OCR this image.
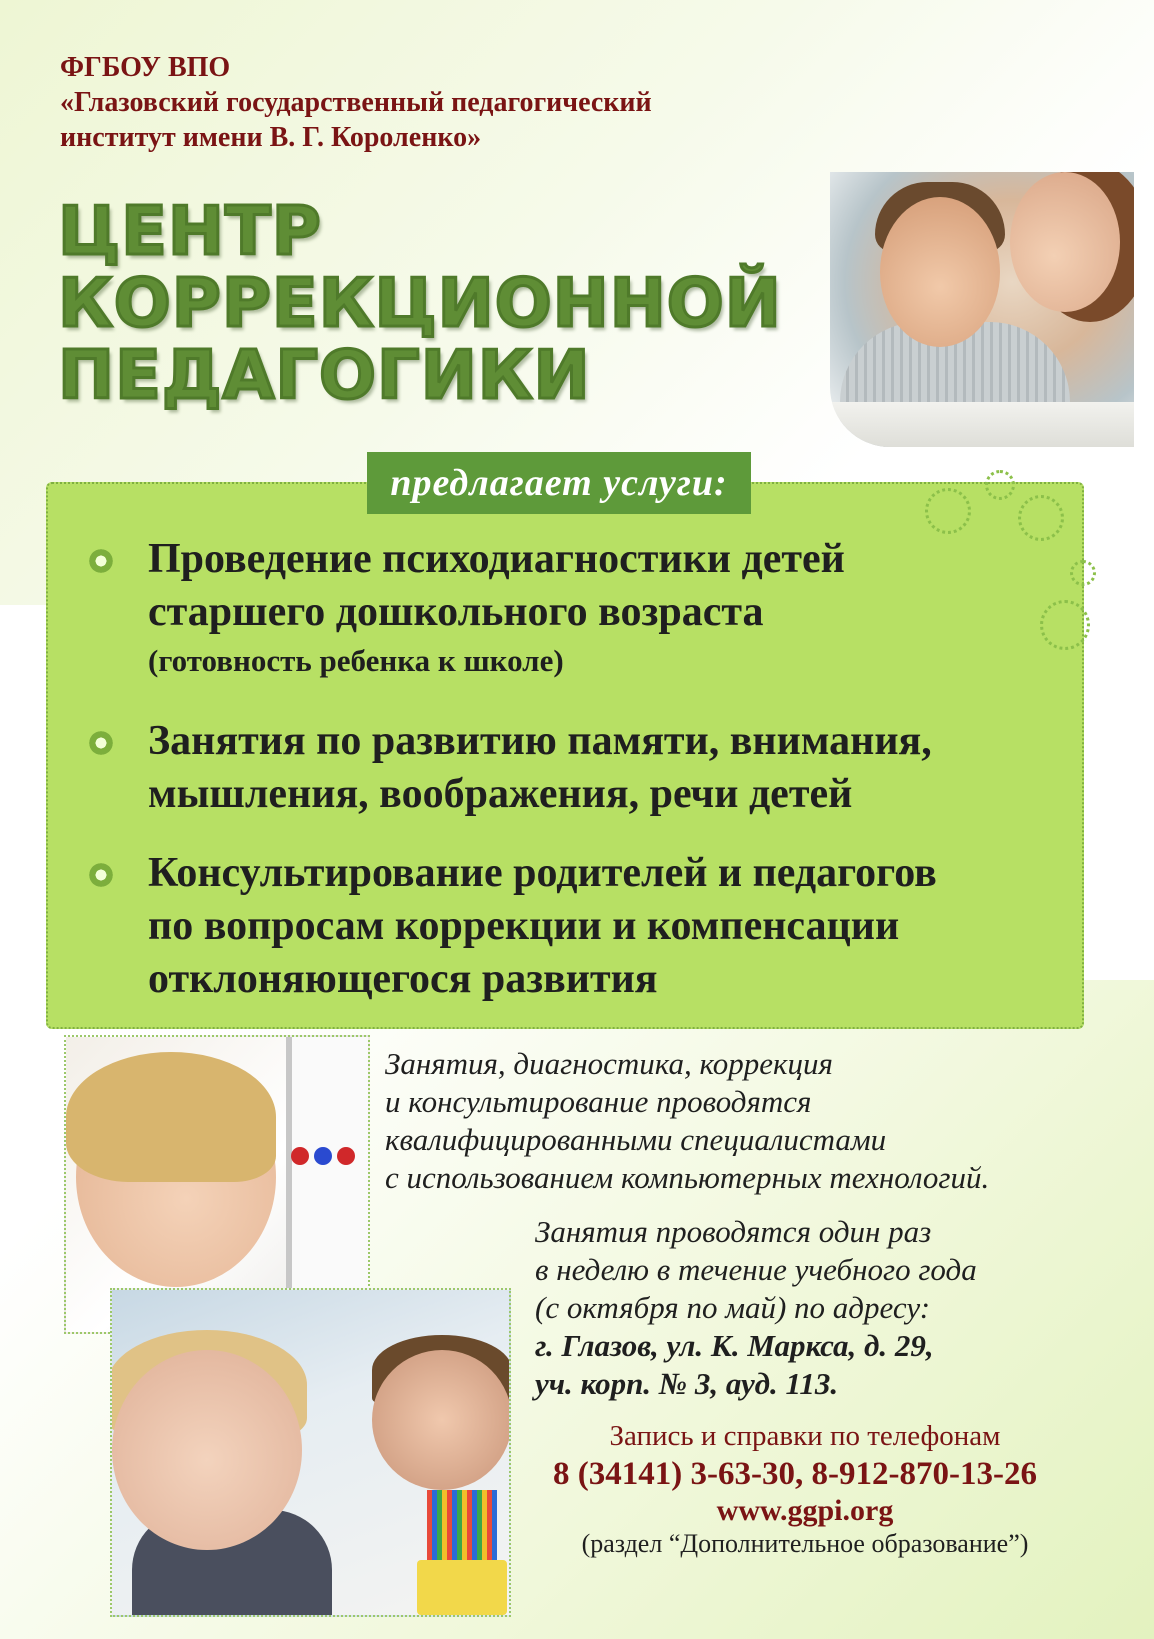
ФГБОУ ВПО
«Глазовский государственный педагогический
институт имени В. Г. Короленко»
ЦЕНТР
КОРРЕКЦИОННОЙ
ПЕДАГОГИКИ
предлагает услуги:
Проведение психодиагностики детей
старшего дошкольного возраста
(готовность ребенка к школе)
Занятия по развитию памяти, внимания,
мышления, воображения, речи детей
Консультирование родителей и педагогов
по вопросам коррекции и компенсации
отклоняющегося развития
Занятия, диагностика, коррекция
и консультирование проводятся
квалифицированными специалистами
с использованием компьютерных технологий.
Занятия проводятся один раз
в неделю в течение учебного года
(с октября по май) по адресу:
г. Глазов, ул. К. Маркса, д. 29,
уч. корп. № 3, ауд. 113.
Запись и справки по телефонам
8 (34141) 3-63-30, 8-912-870-13-26
www.ggpi.org
(раздел “Дополнительное образование”)
